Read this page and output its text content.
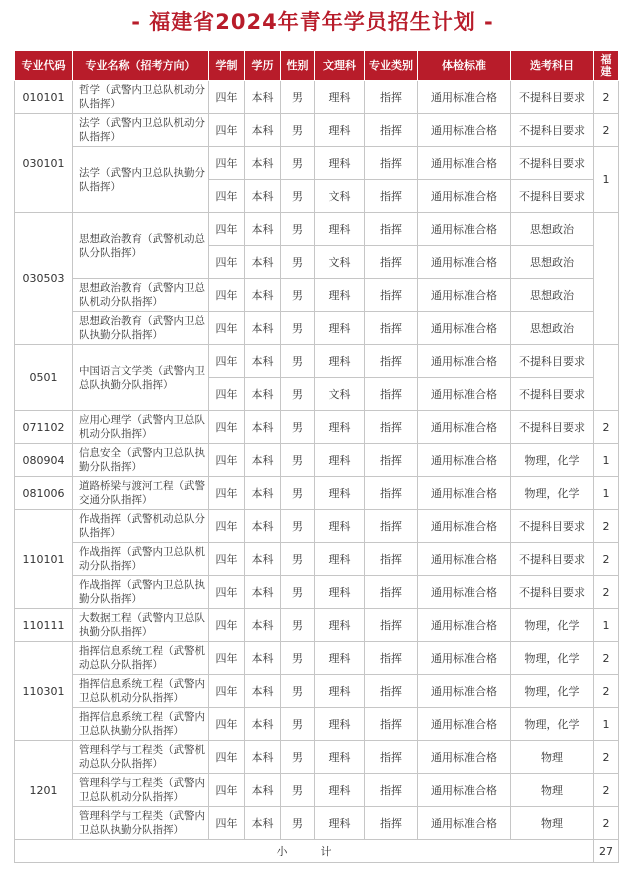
- 福建省2024年青年学员招生计划 -
专业代码	专业名称（招考方向）	学制	学历	性别	文理科	专业类别	体检标准	选考科目	福建
010101	哲学（武警内卫总队机动分队指挥）	四年	本科	男	理科	指挥	通用标准合格	不提科目要求	2
030101	法学（武警内卫总队机动分队指挥）	四年	本科	男	理科	指挥	通用标准合格	不提科目要求	2
	法学（武警内卫总队执勤分队指挥）	四年	本科	男	理科	指挥	通用标准合格	不提科目要求	1
		四年	本科	男	文科	指挥	通用标准合格	不提科目要求	
030503	思想政治教育（武警机动总队分队指挥）	四年	本科	男	理科	指挥	通用标准合格	思想政治	
		四年	本科	男	文科	指挥	通用标准合格	思想政治	
	思想政治教育（武警内卫总队机动分队指挥）	四年	本科	男	理科	指挥	通用标准合格	思想政治	
	思想政治教育（武警内卫总队执勤分队指挥）	四年	本科	男	理科	指挥	通用标准合格	思想政治	
0501	中国语言文学类（武警内卫总队执勤分队指挥）	四年	本科	男	理科	指挥	通用标准合格	不提科目要求	
		四年	本科	男	文科	指挥	通用标准合格	不提科目要求	
071102	应用心理学（武警内卫总队机动分队指挥）	四年	本科	男	理科	指挥	通用标准合格	不提科目要求	2
080904	信息安全（武警内卫总队执勤分队指挥）	四年	本科	男	理科	指挥	通用标准合格	物理，化学	1
081006	道路桥梁与渡河工程（武警交通分队指挥）	四年	本科	男	理科	指挥	通用标准合格	物理，化学	1
110101	作战指挥（武警机动总队分队指挥）	四年	本科	男	理科	指挥	通用标准合格	不提科目要求	2
	作战指挥（武警内卫总队机动分队指挥）	四年	本科	男	理科	指挥	通用标准合格	不提科目要求	2
	作战指挥（武警内卫总队执勤分队指挥）	四年	本科	男	理科	指挥	通用标准合格	不提科目要求	2
110111	大数据工程（武警内卫总队执勤分队指挥）	四年	本科	男	理科	指挥	通用标准合格	物理，化学	1
110301	指挥信息系统工程（武警机动总队分队指挥）	四年	本科	男	理科	指挥	通用标准合格	物理，化学	2
	指挥信息系统工程（武警内卫总队机动分队指挥）	四年	本科	男	理科	指挥	通用标准合格	物理，化学	2
	指挥信息系统工程（武警内卫总队执勤分队指挥）	四年	本科	男	理科	指挥	通用标准合格	物理，化学	1
1201	管理科学与工程类（武警机动总队分队指挥）	四年	本科	男	理科	指挥	通用标准合格	物理	2
	管理科学与工程类（武警内卫总队机动分队指挥）	四年	本科	男	理科	指挥	通用标准合格	物理	2
	管理科学与工程类（武警内卫总队执勤分队指挥）	四年	本科	男	理科	指挥	通用标准合格	物理	2
小　　　计									27
